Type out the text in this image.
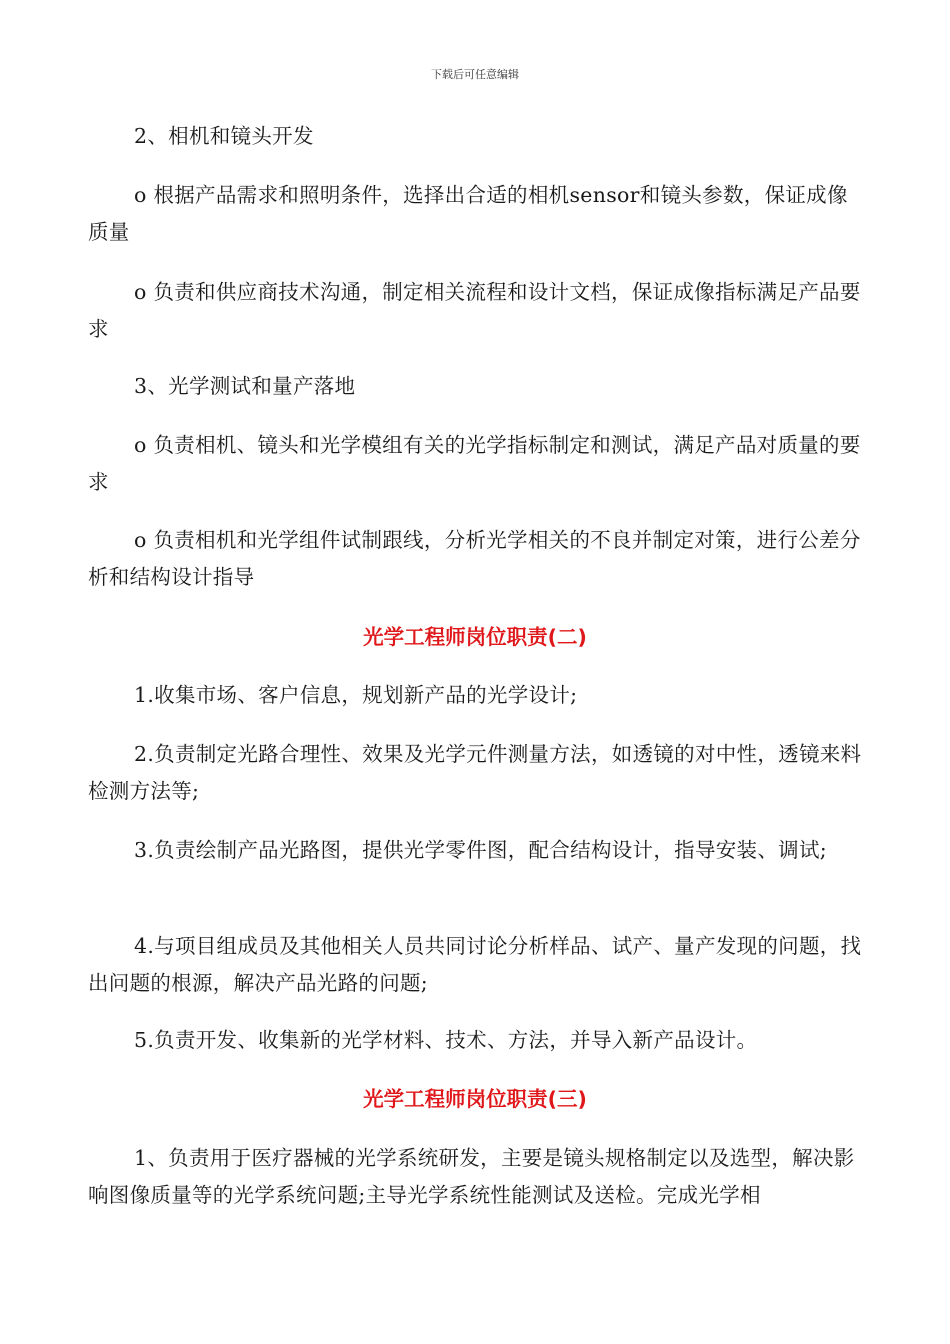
下载后可任意编辑

2、相机和镜头开发

o 根据产品需求和照明条件，选择出合适的相机sensor和镜头参数，保证成像质量

o 负责和供应商技术沟通，制定相关流程和设计文档，保证成像指标满足产品要求

3、光学测试和量产落地

o 负责相机、镜头和光学模组有关的光学指标制定和测试，满足产品对质量的要求

o 负责相机和光学组件试制跟线，分析光学相关的不良并制定对策，进行公差分析和结构设计指导

光学工程师岗位职责(二)

1.收集市场、客户信息，规划新产品的光学设计;

2.负责制定光路合理性、效果及光学元件测量方法，如透镜的对中性，透镜来料检测方法等;

3.负责绘制产品光路图，提供光学零件图，配合结构设计，指导安装、调试;

4.与项目组成员及其他相关人员共同讨论分析样品、试产、量产发现的问题，找出问题的根源，解决产品光路的问题;

5.负责开发、收集新的光学材料、技术、方法，并导入新产品设计。

光学工程师岗位职责(三)

1、负责用于医疗器械的光学系统研发，主要是镜头规格制定以及选型，解决影响图像质量等的光学系统问题;主导光学系统性能测试及送检。完成光学相
